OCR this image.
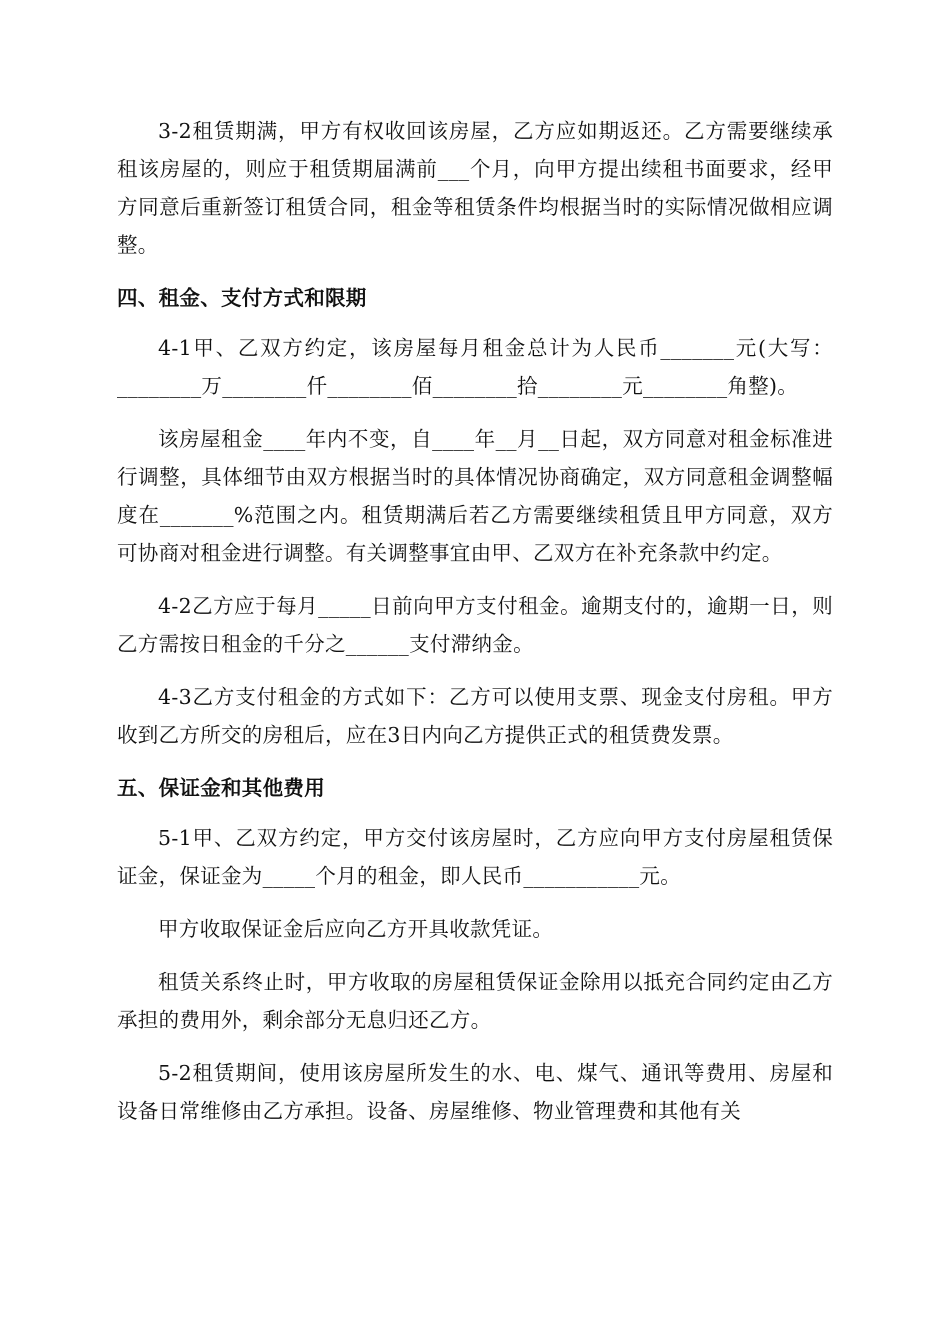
3-2租赁期满，甲方有权收回该房屋，乙方应如期返还。乙方需要继续承租该房屋的，则应于租赁期届满前___个月，向甲方提出续租书面要求，经甲方同意后重新签订租赁合同，租金等租赁条件均根据当时的实际情况做相应调整。

四、租金、支付方式和限期

4-1甲、乙双方约定，该房屋每月租金总计为人民币_______元(大写：________万________仟________佰________拾________元________角整)。

该房屋租金____年内不变，自____年__月__日起，双方同意对租金标准进行调整，具体细节由双方根据当时的具体情况协商确定，双方同意租金调整幅度在_______%范围之内。租赁期满后若乙方需要继续租赁且甲方同意，双方可协商对租金进行调整。有关调整事宜由甲、乙双方在补充条款中约定。

4-2乙方应于每月_____日前向甲方支付租金。逾期支付的，逾期一日，则乙方需按日租金的千分之______支付滞纳金。

4-3乙方支付租金的方式如下：乙方可以使用支票、现金支付房租。甲方收到乙方所交的房租后，应在3日内向乙方提供正式的租赁费发票。

五、保证金和其他费用

5-1甲、乙双方约定，甲方交付该房屋时，乙方应向甲方支付房屋租赁保证金，保证金为_____个月的租金，即人民币___________元。

甲方收取保证金后应向乙方开具收款凭证。

租赁关系终止时，甲方收取的房屋租赁保证金除用以抵充合同约定由乙方承担的费用外，剩余部分无息归还乙方。

5-2租赁期间，使用该房屋所发生的水、电、煤气、通讯等费用、房屋和设备日常维修由乙方承担。设备、房屋维修、物业管理费和其他有关
